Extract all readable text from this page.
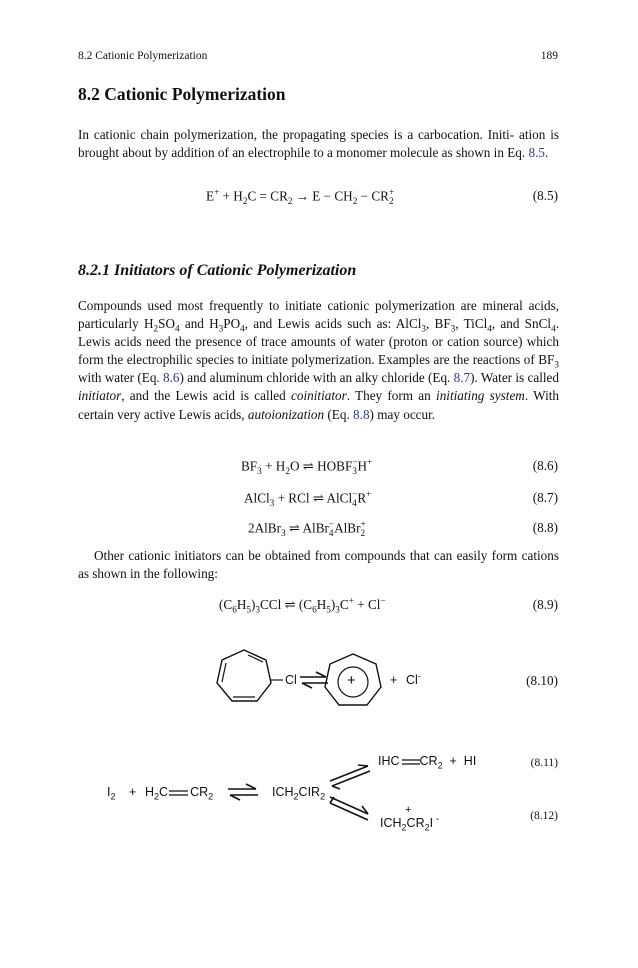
8.2 Cationic Polymerization	189
8.2 Cationic Polymerization

In cationic chain polymerization, the propagating species is a carbocation. Initi- ation is brought about by addition of an electrophile to a monomer molecule as shown in Eq. 8.5.

$E^+ + H_2C = CR_2 \to E - CH_2$ − CR +
2	(8.5)
8.2.1 Initiators of Cationic Polymerization

Compounds used most frequently to initiate cationic polymerization are mineral acids, particularly $H_2SO_4$ and $H_3PO_4$, and Lewis acids such as: AlCl$_3$, $BF_3$, TiCl$_4$, and SnCl$_4$. Lewis acids need the presence of trace amounts of water (proton or cation source) which form the electrophilic species to initiate polymerization. Examples are the reactions of $BF_3$ with water (Eq. 8.6) and aluminum chloride with an alky chloride (Eq. 8.7). Water is called initiator, and the Lewis acid is called coinitiator. They form an initiating system. With certain very active Lewis acids, autoionization (Eq. 8.8) may occur.

$BF_3 + H_2O$ ⇌ HOBF −
3 H+	(8.6)
AlCl$_3$ + RCl ⇌ AlCl −
4 R+	(8.7)
2AlBr$_3$ ⇌ AlBr −
4 AlBr +
2	(8.8)

Other cationic initiators can be obtained from compounds that can easily form cations as shown in the following:

$(C_6H_5)_3CCl$ ⇌ $(C_6H_5)_3C^+ + Cl^-$	(8.9)
Cl	+	+ Cl-	(8.10)
$I_2 + H_2C$ $CR_2$	$ICH_2CIR_2$
IHC $CR_2$  +  HI	(8.11)
$ICH_2CR_2I$ -
+	(8.12)
